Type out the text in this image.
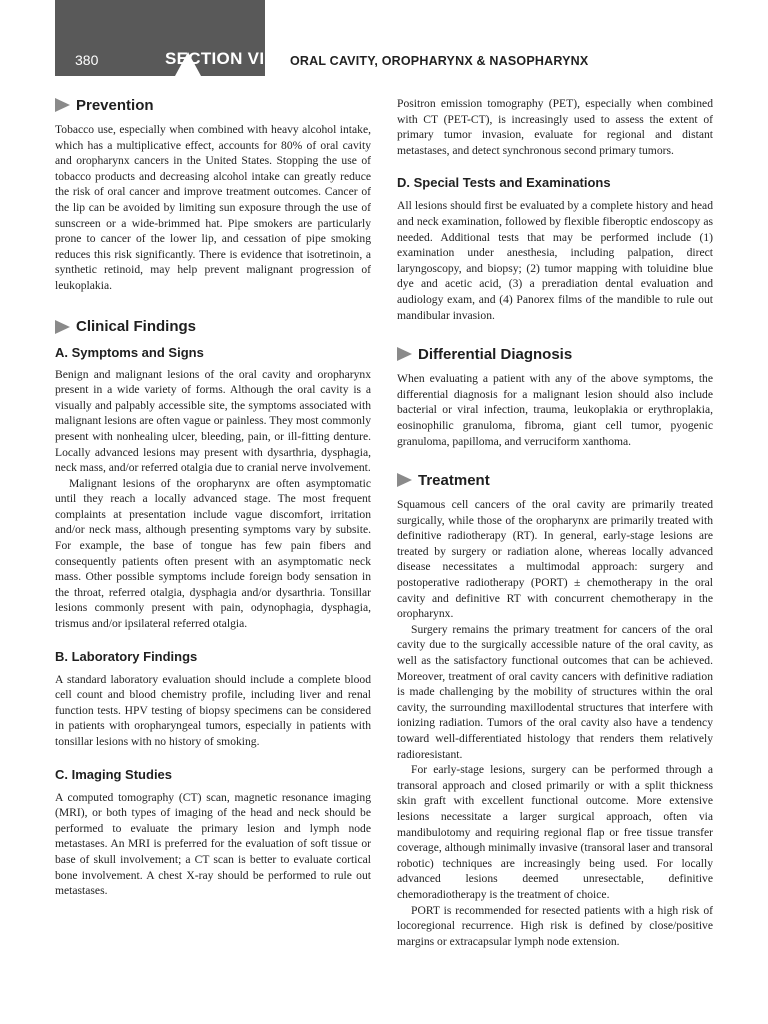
380	SECTION VI ORAL CAVITY, OROPHARYNX & NASOPHARYNX
Prevention

Tobacco use, especially when combined with heavy alcohol intake, which has a multiplicative effect, accounts for 80% of oral cavity and oropharynx cancers in the United States. Stopping the use of tobacco products and decreasing alcohol intake can greatly reduce the risk of oral cancer and improve treatment outcomes. Cancer of the lip can be avoided by limiting sun exposure through the use of sunscreen or a wide-brimmed hat. Pipe smokers are particularly prone to cancer of the lower lip, and cessation of pipe smoking reduces this risk significantly. There is evidence that isotretinoin, a synthetic retinoid, may help prevent malignant progression of leukoplakia.

Clinical Findings
A. Symptoms and Signs

Benign and malignant lesions of the oral cavity and oropharynx present in a wide variety of forms. Although the oral cavity is a visually and palpably accessible site, the symptoms associated with malignant lesions are often vague or painless. They most commonly present with nonhealing ulcer, bleeding, pain, or ill-fitting denture. Locally advanced lesions may present with dysarthria, dysphagia, neck mass, and/or referred otalgia due to cranial nerve involvement.

Malignant lesions of the oropharynx are often asymptomatic until they reach a locally advanced stage. The most frequent complaints at presentation include vague discomfort, irritation and/or neck mass, although presenting symptoms vary by subsite. For example, the base of tongue has few pain fibers and consequently patients often present with an asymptomatic neck mass. Other possible symptoms include foreign body sensation in the throat, referred otalgia, dysphagia and/or dysarthria. Tonsillar lesions commonly present with pain, odynophagia, dysphagia, trismus and/or ipsilateral referred otalgia.

B. Laboratory Findings

A standard laboratory evaluation should include a complete blood cell count and blood chemistry profile, including liver and renal function tests. HPV testing of biopsy specimens can be considered in patients with oropharyngeal tumors, especially in patients with tonsillar lesions with no history of smoking.

C. Imaging Studies

A computed tomography (CT) scan, magnetic resonance imaging (MRI), or both types of imaging of the head and neck should be performed to evaluate the primary lesion and lymph node metastases. An MRI is preferred for the evaluation of soft tissue or base of skull involvement; a CT scan is better to evaluate cortical bone involvement. A chest X-ray should be performed to rule out metastases.

Positron emission tomography (PET), especially when combined with CT (PET-CT), is increasingly used to assess the extent of primary tumor invasion, evaluate for regional and distant metastases, and detect synchronous second primary tumors.

D. Special Tests and Examinations

All lesions should first be evaluated by a complete history and head and neck examination, followed by flexible fiberoptic endoscopy as needed. Additional tests that may be performed include (1) examination under anesthesia, including palpation, direct laryngoscopy, and biopsy; (2) tumor mapping with toluidine blue dye and acetic acid, (3) a preradiation dental evaluation and audiology exam, and (4) Panorex films of the mandible to rule out mandibular invasion.

Differential Diagnosis

When evaluating a patient with any of the above symptoms, the differential diagnosis for a malignant lesion should also include bacterial or viral infection, trauma, leukoplakia or erythroplakia, eosinophilic granuloma, fibroma, giant cell tumor, pyogenic granuloma, papilloma, and verruciform xanthoma.

Treatment

Squamous cell cancers of the oral cavity are primarily treated surgically, while those of the oropharynx are primarily treated with definitive radiotherapy (RT). In general, early-stage lesions are treated by surgery or radiation alone, whereas locally advanced disease necessitates a multimodal approach: surgery and postoperative radiotherapy (PORT) ± chemotherapy in the oral cavity and definitive RT with concurrent chemotherapy in the oropharynx.

Surgery remains the primary treatment for cancers of the oral cavity due to the surgically accessible nature of the oral cavity, as well as the satisfactory functional outcomes that can be achieved. Moreover, treatment of oral cavity cancers with definitive radiation is made challenging by the mobility of structures within the oral cavity, the surrounding maxillodental structures that interfere with ionizing radiation. Tumors of the oral cavity also have a tendency toward well-differentiated histology that renders them relatively radioresistant.

For early-stage lesions, surgery can be performed through a transoral approach and closed primarily or with a split thickness skin graft with excellent functional outcome. More extensive lesions necessitate a larger surgical approach, often via mandibulotomy and requiring regional flap or free tissue transfer coverage, although minimally invasive (transoral laser and transoral robotic) techniques are increasingly being used. For locally advanced lesions deemed unresectable, definitive chemoradiotherapy is the treatment of choice.

PORT is recommended for resected patients with a high risk of locoregional recurrence. High risk is defined by close/positive margins or extracapsular lymph node extension.
